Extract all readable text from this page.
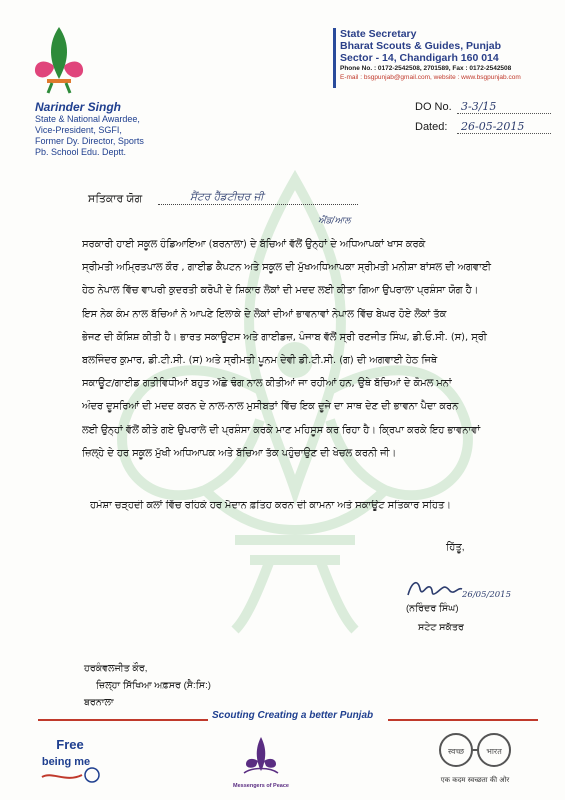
Narinder Singh
State & National Awardee,
Vice-President, SGFI,
Former Dy. Director, Sports
Pb. School Edu. Deptt.
State Secretary
Bharat Scouts & Guides, Punjab
Sector - 14, Chandigarh 160 014
Phone No. : 0172-2542508, 2701589, Fax : 0172-2542508
E-mail : bsgpunjab@gmail.com, website : www.bsgpunjab.com
DO No. 3-3/15
Dated:	26-05-2015
ਸਤਿਕਾਰ ਯੋਗ	ਸੈਂਟਰ ਹੈੱਡਟੀਚਰ ਜੀ
ਐਂਡ/ਆਲ
ਸਰਕਾਰੀ ਹਾਈ ਸਕੂਲ ਹੰਡਿਆਇਆ (ਬਰਨਾਲਾ) ਦੇ ਬੱਚਿਆਂ ਵੱਲੋਂ ਉਨ੍ਹਾਂ ਦੇ ਅਧਿਆਪਕਾਂ ਖਾਸ ਕਰਕੇ
ਸ੍ਰੀਮਤੀ ਅਮ੍ਰਿਤਪਾਲ ਕੌਰ , ਗਾਈਡ ਕੈਪਟਨ ਅਤੇ ਸਕੂਲ ਦੀ ਮੁੱਖਅਧਿਆਪਕਾ ਸ੍ਰੀਮਤੀ ਮਨੀਸ਼ਾ ਬਾਂਸਲ ਦੀ ਅਗਵਾਈ
ਹੇਠ ਨੇਪਾਲ ਵਿੱਚ ਵਾਪਰੀ ਕੁਦਰਤੀ ਕਰੋਪੀ ਦੇ ਸ਼ਿਕਾਰ ਲੋਕਾਂ ਦੀ ਮਦਦ ਲਈ ਕੀਤਾ ਗਿਆ ਉਪਰਾਲਾ ਪ੍ਰਸ਼ੰਸਾ ਯੋਗ ਹੈ।
ਇਸ ਨੇਕ ਕੰਮ ਨਾਲ ਬੱਚਿਆਂ ਨੇ ਆਪਣੇ ਇਲਾਕੇ ਦੇ ਲੋਕਾਂ ਦੀਆਂ ਭਾਵਨਾਵਾਂ ਨੇਪਾਲ ਵਿੱਚ ਬੇਘਰ ਹੋਏ ਲੋਕਾਂ ਤੱਕ
ਭੇਜਣ ਦੀ ਕੋਸ਼ਿਸ਼ ਕੀਤੀ ਹੈ। ਭਾਰਤ ਸਕਾਊਟਸ ਅਤੇ ਗਾਈਡਜ਼, ਪੰਜਾਬ ਵੱਲੋਂ ਸ੍ਰੀ ਰਣਜੀਤ ਸਿੰਘ, ਡੀ.ਓ.ਸੀ. (ਸ), ਸ੍ਰੀ
ਬਲਜਿੰਦਰ ਕੁਮਾਰ, ਡੀ.ਟੀ.ਸੀ. (ਸ) ਅਤੇ ਸ੍ਰੀਮਤੀ ਪੂਨਮ ਦੇਵੀ ਡੀ.ਟੀ.ਸੀ. (ਗ) ਦੀ ਅਗਵਾਈ ਹੇਠ ਜਿਥੇ
ਸਕਾਊਟ/ਗਾਈਡ ਗਤੀਵਿਧੀਆਂ ਬਹੁਤ ਅੱਛੇ ਢੰਗ ਨਾਲ ਕੀਤੀਆਂ ਜਾ ਰਹੀਆਂ ਹਨ, ਉਥੇ ਬੱਚਿਆਂ ਦੇ ਕੋਮਲ ਮਨਾਂ
ਅੰਦਰ ਦੂਸਰਿਆਂ ਦੀ ਮਦਦ ਕਰਨ ਦੇ ਨਾਲ-ਨਾਲ ਮੁਸੀਬਤਾਂ ਵਿੱਚ ਇਕ ਦੂਜੇ ਦਾ ਸਾਥ ਦੇਣ ਦੀ ਭਾਵਨਾ ਪੈਦਾ ਕਰਨ
ਲਈ ਉਨ੍ਹਾਂ ਵੱਲੋਂ ਕੀਤੇ ਗਏ ਉਪਰਾਲੇ ਦੀ ਪ੍ਰਸ਼ੰਸਾ ਕਰਕੇ ਮਾਣ ਮਹਿਸੂਸ ਕਰ ਰਿਹਾ ਹੈ। ਕ੍ਰਿਪਾ ਕਰਕੇ ਇਹ ਭਾਵਨਾਵਾਂ
ਜ਼ਿਲ੍ਹੇ ਦੇ ਹਰ ਸਕੂਲ ਮੁੱਖੀ ਅਧਿਆਪਕ ਅਤੇ ਬੱਚਿਆ ਤੱਕ ਪਹੁੰਚਾਉਣ ਦੀ ਖੇਚਲ ਕਰਨੀ ਜੀ।
ਹਮੇਸ਼ਾ ਚੜ੍ਹਦੀ ਕਲਾਂ ਵਿੱਚ ਰਹਿਕੇ ਹਰ ਮੈਦਾਨ ਫ਼ਤਿਹ ਕਰਨ ਦੀ ਕਾਮਨਾ ਅਤੇ ਸਕਾਊਟ ਸਤਿਕਾਰ ਸਹਿਤ।
ਹਿੱਤੂ,
26/05/2015
(ਨਰਿੰਦਰ ਸਿੰਘ)
ਸਟੇਟ ਸਕੱਤਰ
ਹਰਕੰਵਲਜੀਤ ਕੌਰ,
ਜ਼ਿਲ੍ਹਾ ਸਿੱਖਿਆ ਅਫ਼ਸਰ (ਸੈ:ਸਿ:)
ਬਰਨਾਲਾ
Scouting Creating a better Punjab
Free
being me
Messengers of Peace
स्वच्छ	भारत
एक कदम स्वच्छता की ओर
